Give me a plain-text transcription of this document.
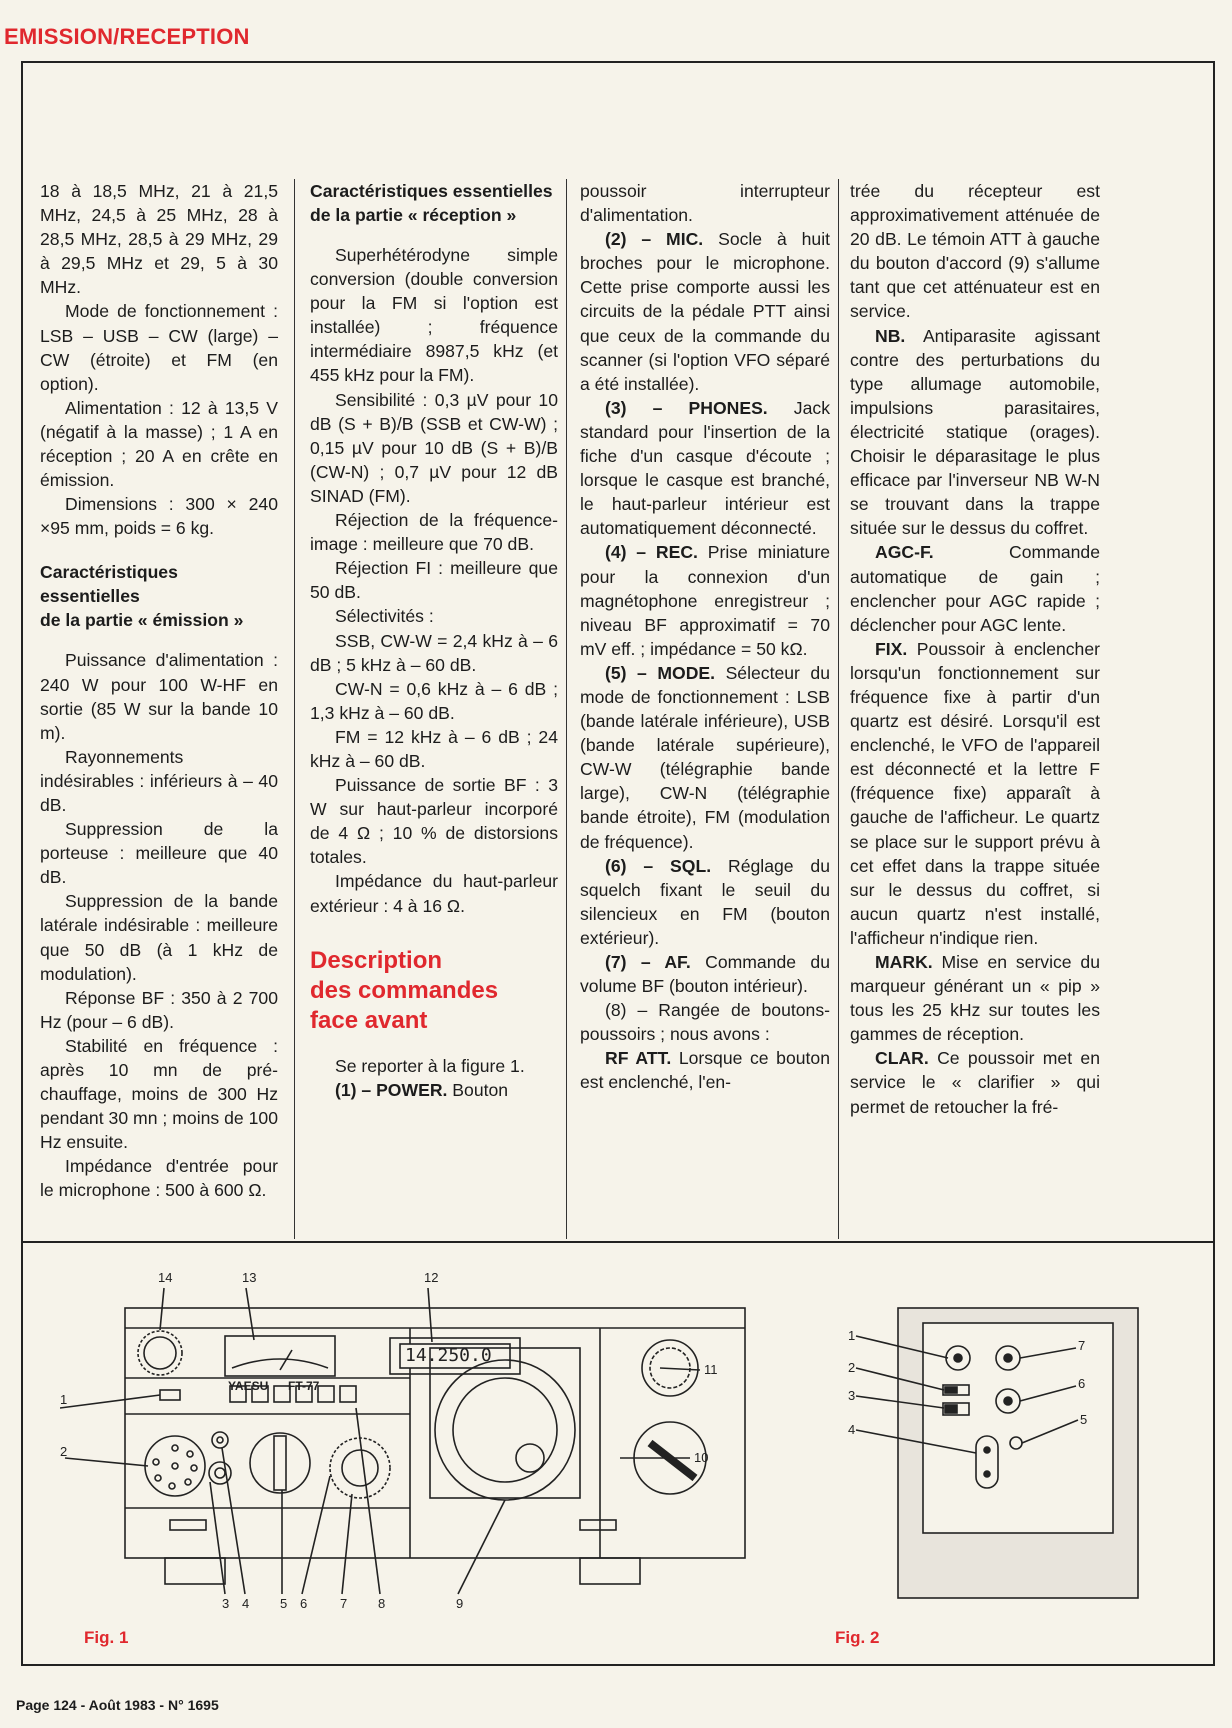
EMISSION/RECEPTION

18 à 18,5 MHz, 21 à 21,5 MHz, 24,5 à 25 MHz, 28 à 28,5 MHz, 28,5 à 29 MHz, 29 à 29,5 MHz et 29, 5 à 30 MHz.

Mode de fonctionnement : LSB – USB – CW (large) – CW (étroite) et FM (en option).

Alimentation : 12 à 13,5 V (négatif à la masse) ; 1 A en réception ; 20 A en crête en émission.

Dimensions : 300 × 240 ×95 mm, poids = 6 kg.

Caractéristiques essentielles
de la partie « émission »

Puissance d'alimentation : 240 W pour 100 W-HF en sortie (85 W sur la bande 10 m).

Rayonnements indésirables : inférieurs à – 40 dB.

Suppression de la porteuse : meilleure que 40 dB.

Suppression de la bande latérale indésirable : meilleure que 50 dB (à 1 kHz de modulation).

Réponse BF : 350 à 2 700 Hz (pour – 6 dB).

Stabilité en fréquence : après 10 mn de pré-chauffage, moins de 300 Hz pendant 30 mn ; moins de 100 Hz ensuite.

Impédance d'entrée pour le microphone : 500 à 600 Ω.

Caractéristiques essentielles
de la partie « réception »

Superhétérodyne simple conversion (double conversion pour la FM si l'option est installée) ; fréquence intermédiaire 8987,5 kHz (et 455 kHz pour la FM).

Sensibilité : 0,3 µV pour 10 dB (S + B)/B (SSB et CW-W) ; 0,15 µV pour 10 dB (S + B)/B (CW-N) ; 0,7 µV pour 12 dB SINAD (FM).

Réjection de la fréquence-image : meilleure que 70 dB.

Réjection FI : meilleure que 50 dB.

Sélectivités :

SSB, CW-W = 2,4 kHz à – 6 dB ; 5 kHz à – 60 dB.

CW-N = 0,6 kHz à – 6 dB ; 1,3 kHz à – 60 dB.

FM = 12 kHz à – 6 dB ; 24 kHz à – 60 dB.

Puissance de sortie BF : 3 W sur haut-parleur incorporé de 4 Ω ; 10 % de distorsions totales.

Impédance du haut-parleur extérieur : 4 à 16 Ω.

Description
des commandes
face avant

Se reporter à la figure 1.

(1) – POWER. Bouton

poussoir interrupteur d'alimentation.

(2) – MIC. Socle à huit broches pour le microphone. Cette prise comporte aussi les circuits de la pédale PTT ainsi que ceux de la commande du scanner (si l'option VFO séparé a été installée).

(3) – PHONES. Jack standard pour l'insertion de la fiche d'un casque d'écoute ; lorsque le casque est branché, le haut-parleur intérieur est automatiquement déconnecté.

(4) – REC. Prise miniature pour la connexion d'un magnétophone enregistreur ; niveau BF approximatif = 70 mV eff. ; impédance = 50 kΩ.

(5) – MODE. Sélecteur du mode de fonctionnement : LSB (bande latérale inférieure), USB (bande latérale supérieure), CW-W (télégraphie bande large), CW-N (télégraphie bande étroite), FM (modulation de fréquence).

(6) – SQL. Réglage du squelch fixant le seuil du silencieux en FM (bouton extérieur).

(7) – AF. Commande du volume BF (bouton intérieur).

(8) – Rangée de boutons-poussoirs ; nous avons :

RF ATT. Lorsque ce bouton est enclenché, l'en-

trée du récepteur est approximativement atténuée de 20 dB. Le témoin ATT à gauche du bouton d'accord (9) s'allume tant que cet atténuateur est en service.

NB. Antiparasite agissant contre des perturbations du type allumage automobile, impulsions parasitaires, électricité statique (orages). Choisir le déparasitage le plus efficace par l'inverseur NB W-N se trouvant dans la trappe située sur le dessus du coffret.

AGC-F. Commande automatique de gain ; enclencher pour AGC rapide ; déclencher pour AGC lente.

FIX. Poussoir à enclencher lorsqu'un fonctionnement sur fréquence fixe à partir d'un quartz est désiré. Lorsqu'il est enclenché, le VFO de l'appareil est déconnecté et la lettre F (fréquence fixe) apparaît à gauche de l'afficheur. Le quartz se place sur le support prévu à cet effet dans la trappe située sur le dessus du coffret, si aucun quartz n'est installé, l'afficheur n'indique rien.

MARK. Mise en service du marqueur générant un « pip » tous les 25 kHz sur toutes les gammes de réception.

CLAR. Ce poussoir met en service le « clarifier » qui permet de retoucher la fré-

14.250.0
YAESU FT-77
1
2
3 4 5 6	7 8	9
10
11
12
13
14
Fig. 1
1
2
3
4
5
6
7
Fig. 2
Page 124 - Août 1983 - N° 1695
